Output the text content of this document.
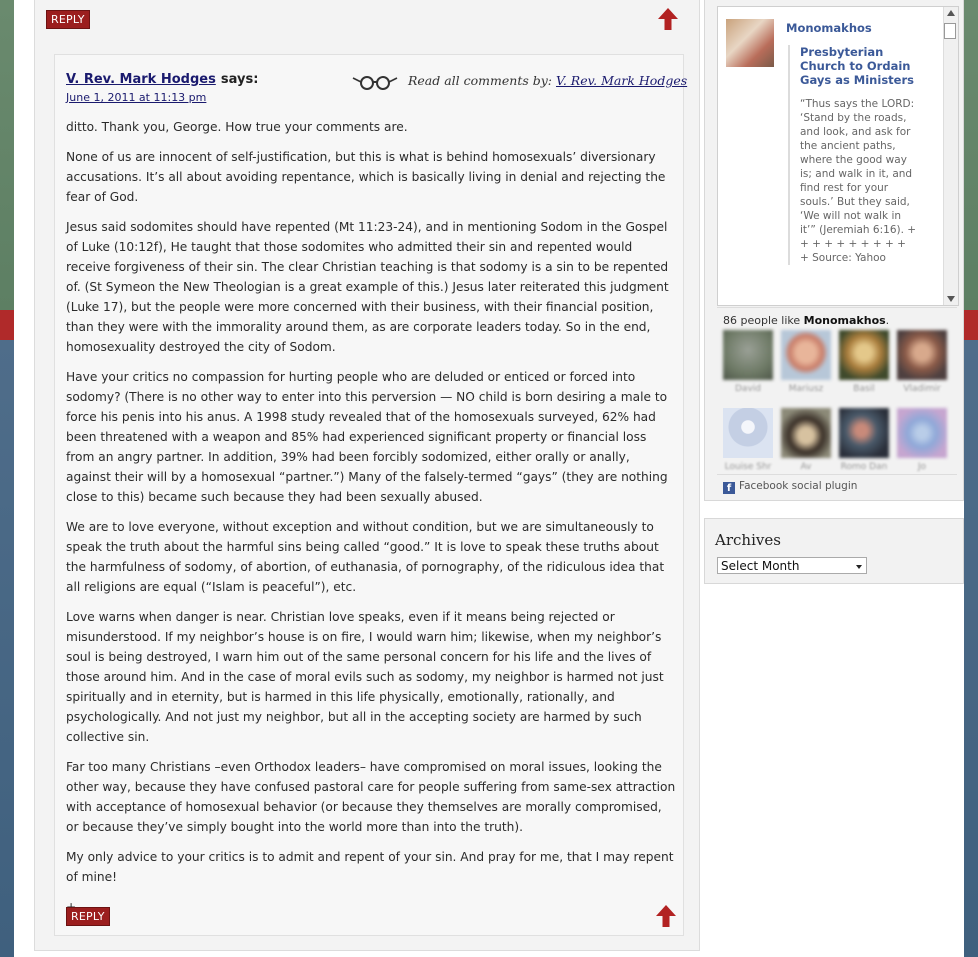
REPLY
V. Rev. Mark Hodges says:
June 1, 2011 at 11:13 pm
Read all comments by: V. Rev. Mark Hodges

ditto. Thank you, George. How true your comments are.

None of us are innocent of self-justification, but this is what is behind homosexuals’ diversionary accusations. It’s all about avoiding repentance, which is basically living in denial and rejecting the fear of God.

Jesus said sodomites should have repented (Mt 11:23-24), and in mentioning Sodom in the Gospel of Luke (10:12f), He taught that those sodomites who admitted their sin and repented would receive forgiveness of their sin. The clear Christian teaching is that sodomy is a sin to be repented of. (St Symeon the New Theologian is a great example of this.) Jesus later reiterated this judgment (Luke 17), but the people were more concerned with their business, with their financial position, than they were with the immorality around them, as are corporate leaders today. So in the end, homosexuality destroyed the city of Sodom.

Have your critics no compassion for hurting people who are deluded or enticed or forced into sodomy? (There is no other way to enter into this perversion — NO child is born desiring a male to force his penis into his anus. A 1998 study revealed that of the homosexuals surveyed, 62% had been threatened with a weapon and 85% had experienced significant property or financial loss from an angry partner. In addition, 39% had been forcibly sodomized, either orally or anally, against their will by a homosexual “partner.”) Many of the falsely-termed “gays” (they are nothing close to this) became such because they had been sexually abused.

We are to love everyone, without exception and without condition, but we are simultaneously to speak the truth about the harmful sins being called “good.” It is love to speak these truths about the harmfulness of sodomy, of abortion, of euthanasia, of pornography, of the ridiculous idea that all religions are equal (“Islam is peaceful”), etc.

Love warns when danger is near. Christian love speaks, even if it means being rejected or misunderstood. If my neighbor’s house is on fire, I would warn him; likewise, when my neighbor’s soul is being destroyed, I warn him out of the same personal concern for his life and the lives of those around him. And in the case of moral evils such as sodomy, my neighbor is harmed not just spiritually and in eternity, but is harmed in this life physically, emotionally, rationally, and psychologically. And not just my neighbor, but all in the accepting society are harmed by such collective sin.

Far too many Christians –even Orthodox leaders– have compromised on moral issues, looking the other way, because they have confused pastoral care for people suffering from same-sex attraction with acceptance of homosexual behavior (or because they themselves are morally compromised, or because they’ve simply bought into the world more than into the truth).

My only advice to your critics is to admit and repent of your sin. And pray for me, that I may repent of mine!

REPLY
Monomakhos
Presbyterian Church to Ordain Gays as Ministers
“Thus says the LORD: ‘Stand by the roads, and look, and ask for the ancient paths, where the good way is; and walk in it, and find rest for your souls.’ But they said, ‘We will not walk in it’” (Jeremiah 6:16). + + + + + + + + + + + Source: Yahoo
86 people like Monomakhos.
David	Mariusz	Basil	Vladimir
Louise Shr	Av	Romo Dan	Jo
f Facebook social plugin
Archives
Select Month
